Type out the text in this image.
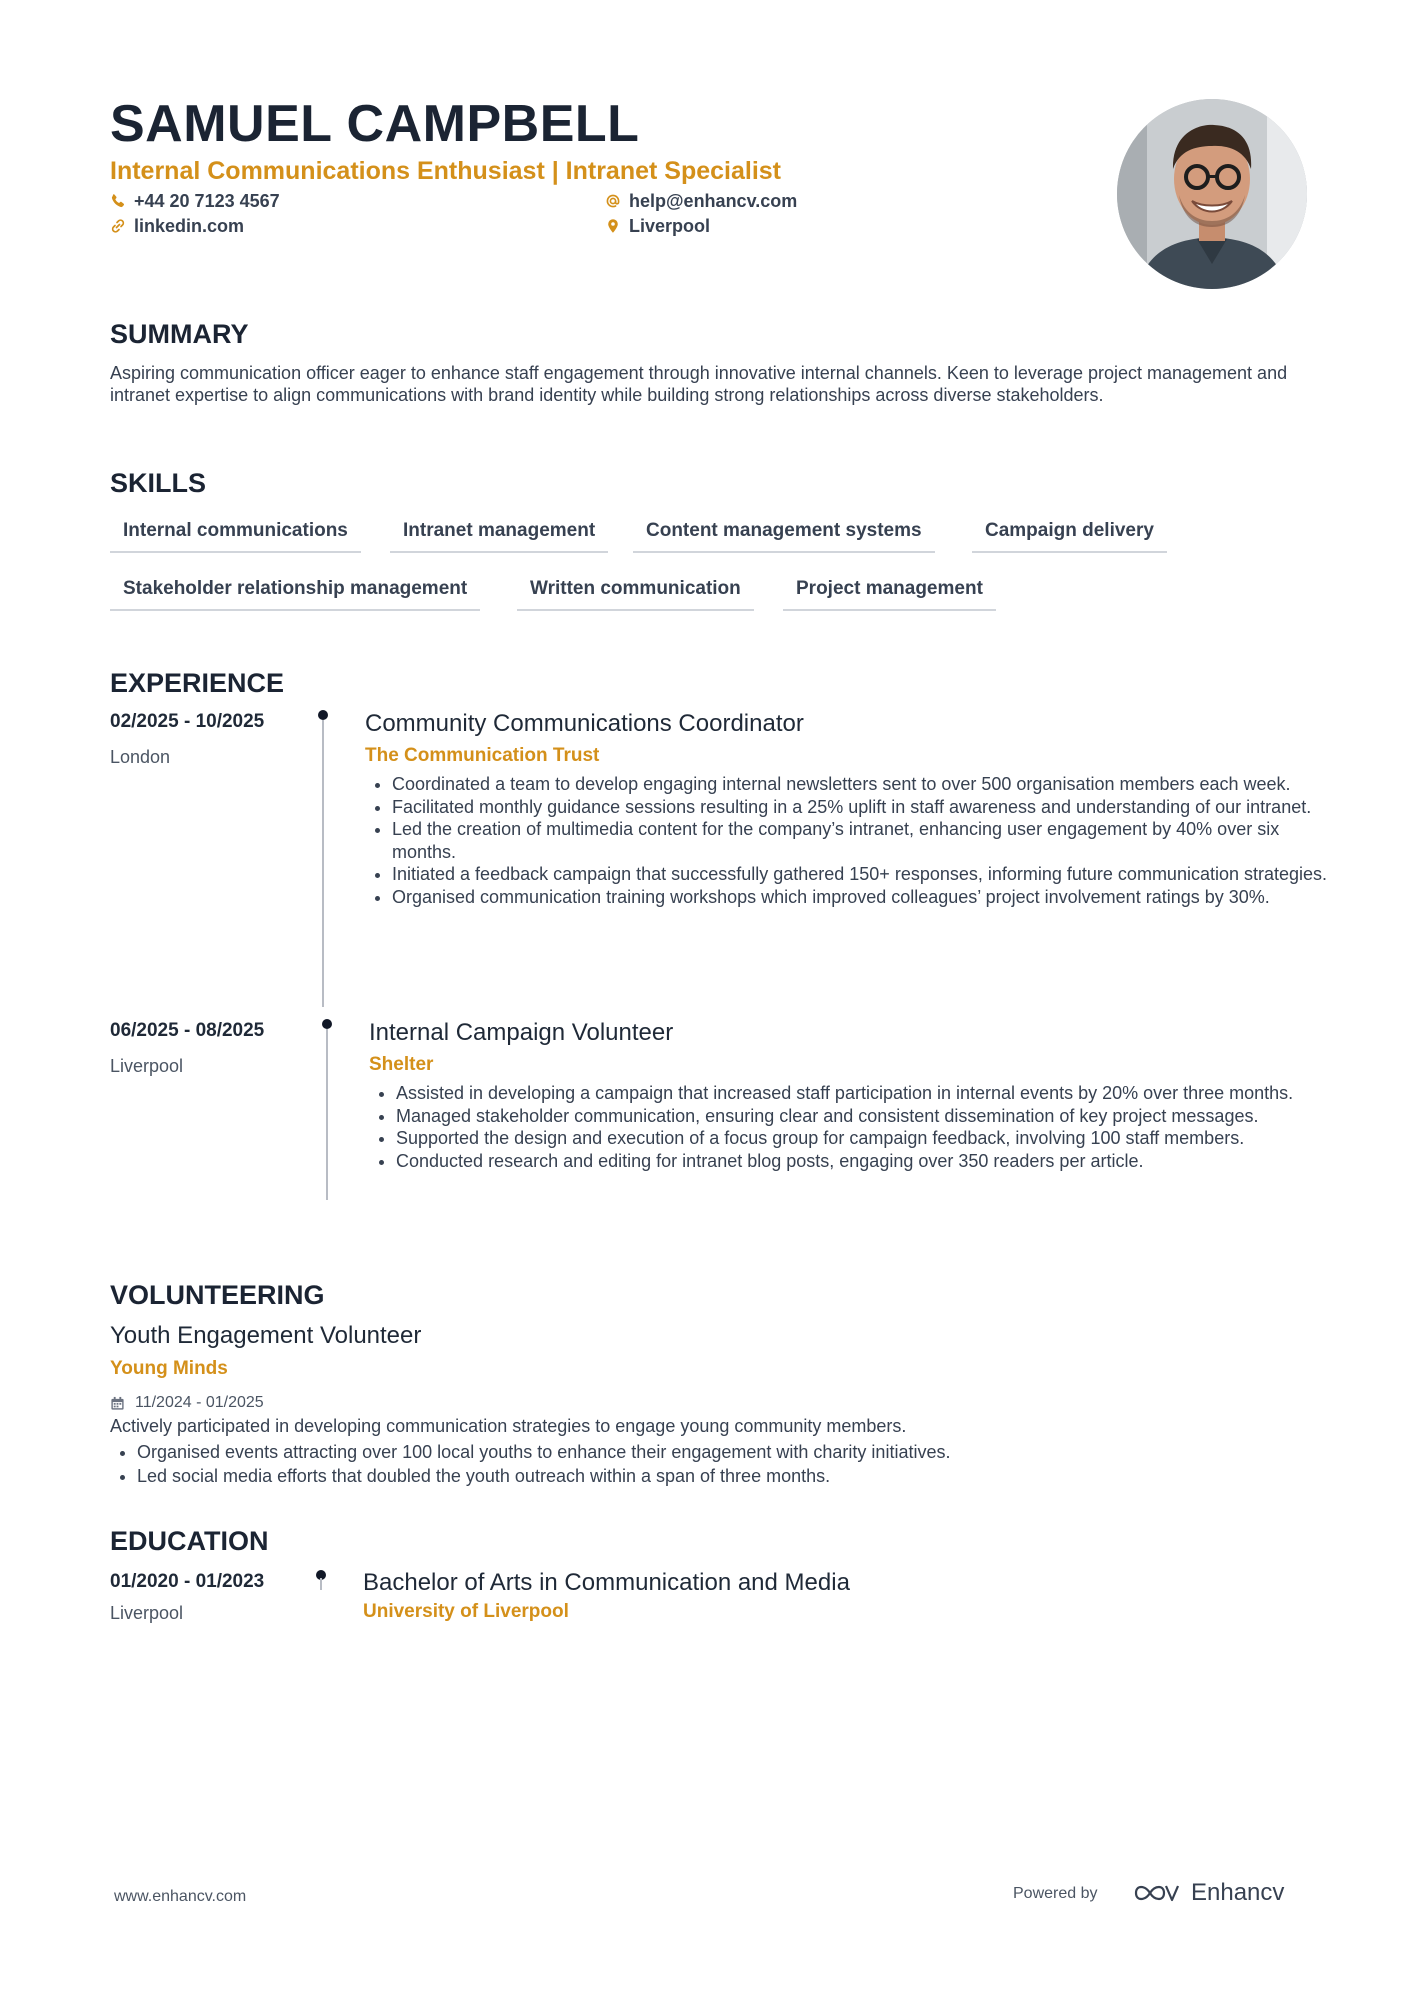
SAMUEL CAMPBELL
Internal Communications Enthusiast | Intranet Specialist
+44 20 7123 4567
linkedin.com
help@enhancv.com
Liverpool
SUMMARY
Aspiring communication officer eager to enhance staff engagement through innovative internal channels. Keen to leverage project management and intranet expertise to align communications with brand identity while building strong relationships across diverse stakeholders.
SKILLS
Internal communications	Intranet management	Content management systems	Campaign delivery
Stakeholder relationship management	Written communication	Project management
EXPERIENCE
02/2025 - 10/2025
London
Community Communications Coordinator
The Communication Trust
• Coordinated a team to develop engaging internal newsletters sent to over 500 organisation members each week.
• Facilitated monthly guidance sessions resulting in a 25% uplift in staff awareness and understanding of our intranet.
• Led the creation of multimedia content for the company’s intranet, enhancing user engagement by 40% over six months.
• Initiated a feedback campaign that successfully gathered 150+ responses, informing future communication strategies.
• Organised communication training workshops which improved colleagues’ project involvement ratings by 30%.
06/2025 - 08/2025
Liverpool
Internal Campaign Volunteer
Shelter
• Assisted in developing a campaign that increased staff participation in internal events by 20% over three months.
• Managed stakeholder communication, ensuring clear and consistent dissemination of key project messages.
• Supported the design and execution of a focus group for campaign feedback, involving 100 staff members.
• Conducted research and editing for intranet blog posts, engaging over 350 readers per article.
VOLUNTEERING
Youth Engagement Volunteer
Young Minds
11/2024 - 01/2025
Actively participated in developing communication strategies to engage young community members.
• Organised events attracting over 100 local youths to enhance their engagement with charity initiatives.
• Led social media efforts that doubled the youth outreach within a span of three months.
EDUCATION
01/2020 - 01/2023
Liverpool
Bachelor of Arts in Communication and Media
University of Liverpool
www.enhancv.com	Powered by	Enhancv
